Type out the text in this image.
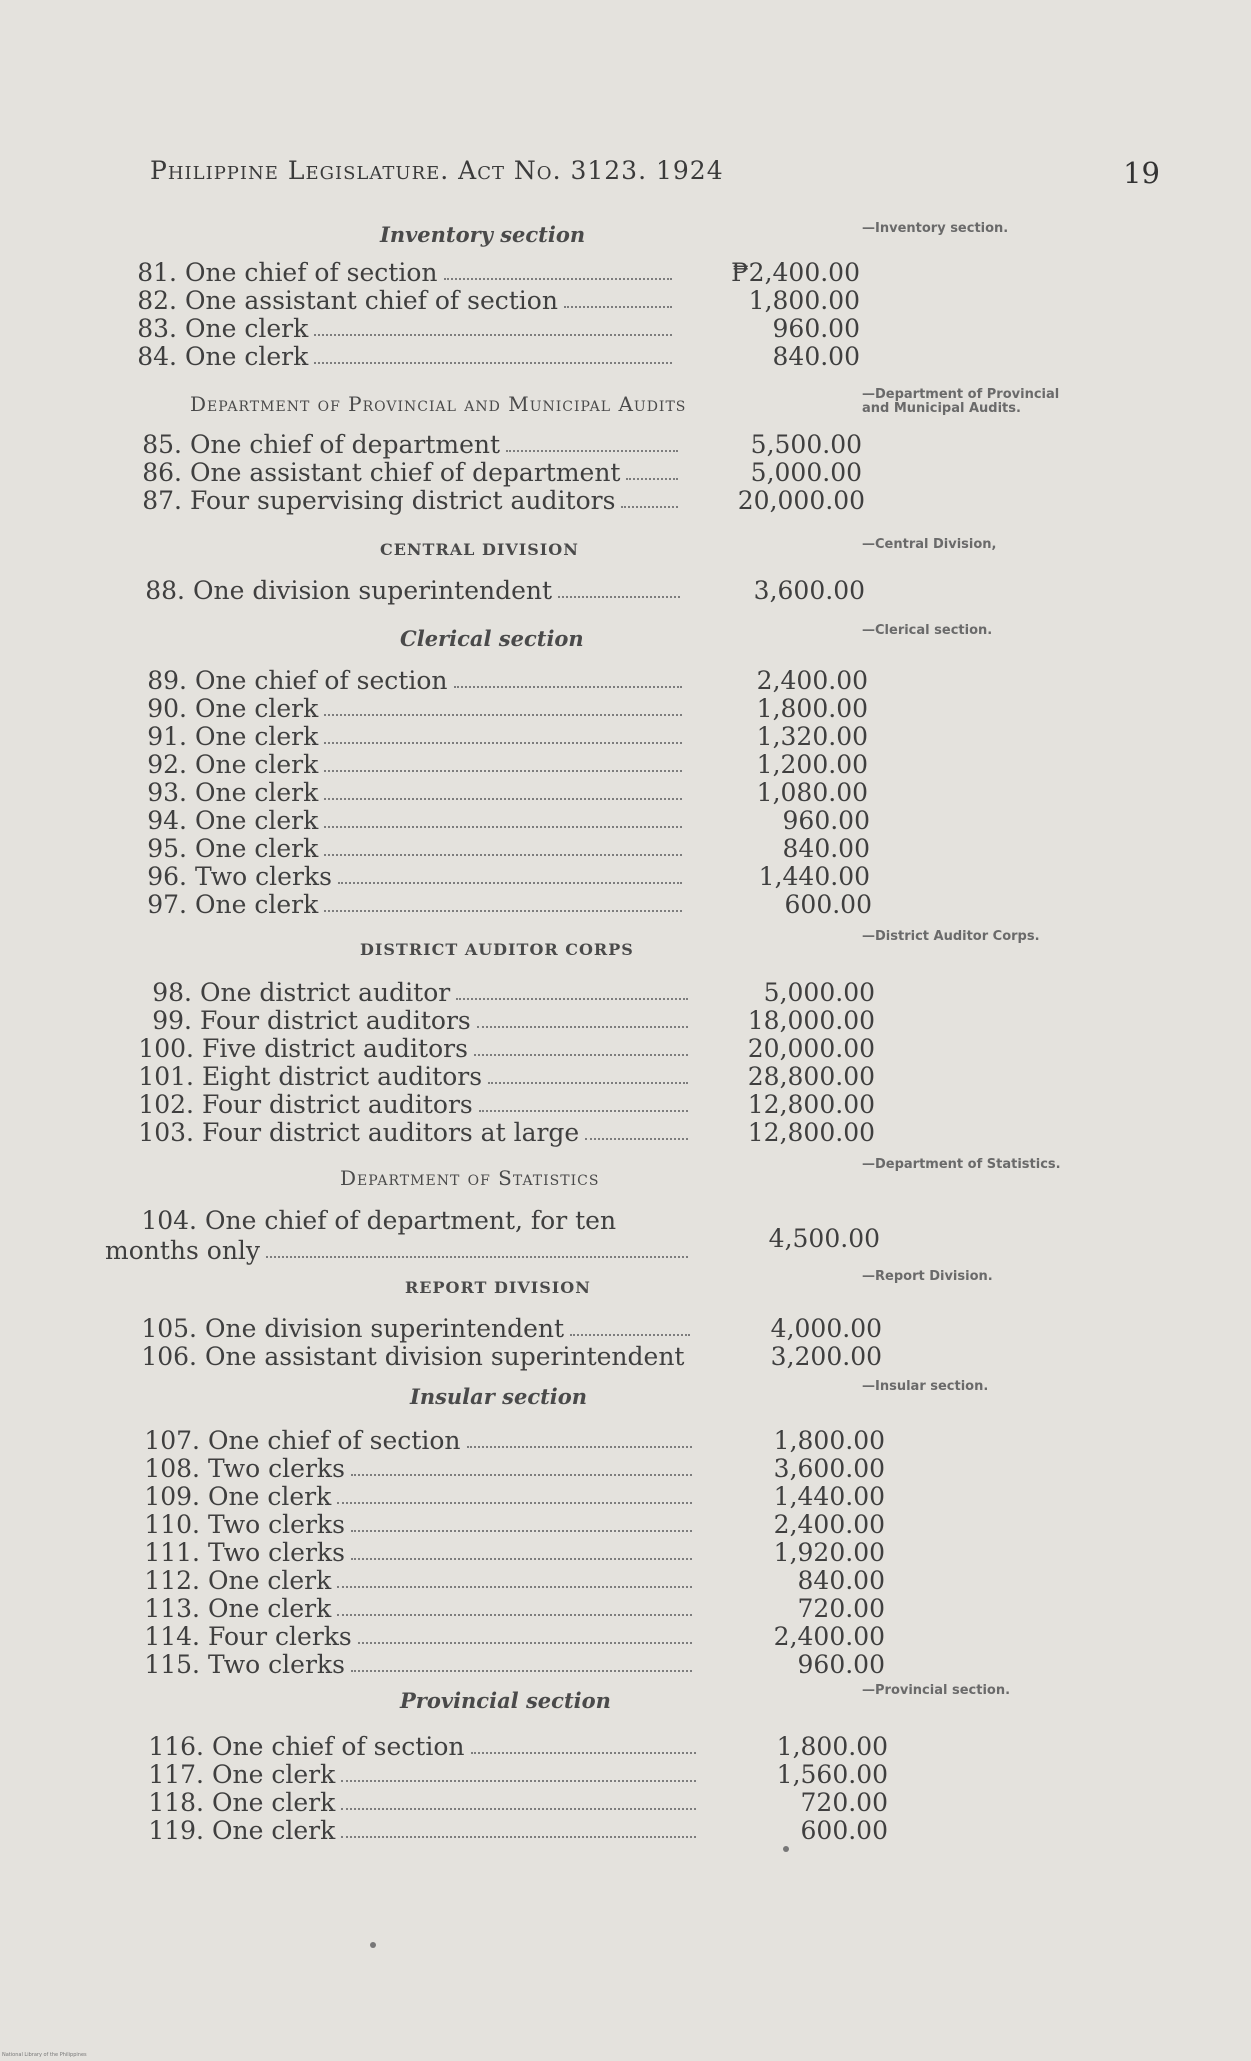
Philippine Legislature. Act No. 3123. 1924	19
Inventory section	—Inventory section.
81. One chief of section	₱2,400.00
82. One assistant chief of section	1,800.00
83. One clerk	960.00
84. One clerk	840.00
Department of Provincial and Municipal Audits	—Department of Provincial and Municipal Audits.
85. One chief of department	5,500.00
86. One assistant chief of department	5,000.00
87. Four supervising district auditors	20,000.00
CENTRAL DIVISION	—Central Division,
88. One division superintendent	3,600.00
Clerical section	—Clerical section.
89. One chief of section	2,400.00
90. One clerk	1,800.00
91. One clerk	1,320.00
92. One clerk	1,200.00
93. One clerk	1,080.00
94. One clerk	960.00
95. One clerk	840.00
96. Two clerks	1,440.00
97. One clerk	600.00
DISTRICT AUDITOR CORPS
—District Auditor Corps.
98. One district auditor	5,000.00
99. Four district auditors	18,000.00
100. Five district auditors	20,000.00
101. Eight district auditors	28,800.00
102. Four district auditors	12,800.00
103. Four district auditors at large	12,800.00
Department of Statistics
—Department of Statistics.
104. One chief of department, for ten
months only	4,500.00
REPORT DIVISION
—Report Division.
105. One division superintendent	4,000.00
106. One assistant division superintendent	3,200.00
Insular section	—Insular section.
107. One chief of section	1,800.00
108. Two clerks	3,600.00
109. One clerk	1,440.00
110. Two clerks	2,400.00
111. Two clerks	1,920.00
112. One clerk	840.00
113. One clerk	720.00
114. Four clerks	2,400.00
115. Two clerks	960.00
Provincial section	—Provincial section.
116. One chief of section	1,800.00
117. One clerk	1,560.00
118. One clerk	720.00
119. One clerk	600.00
National Library of the Philippines
